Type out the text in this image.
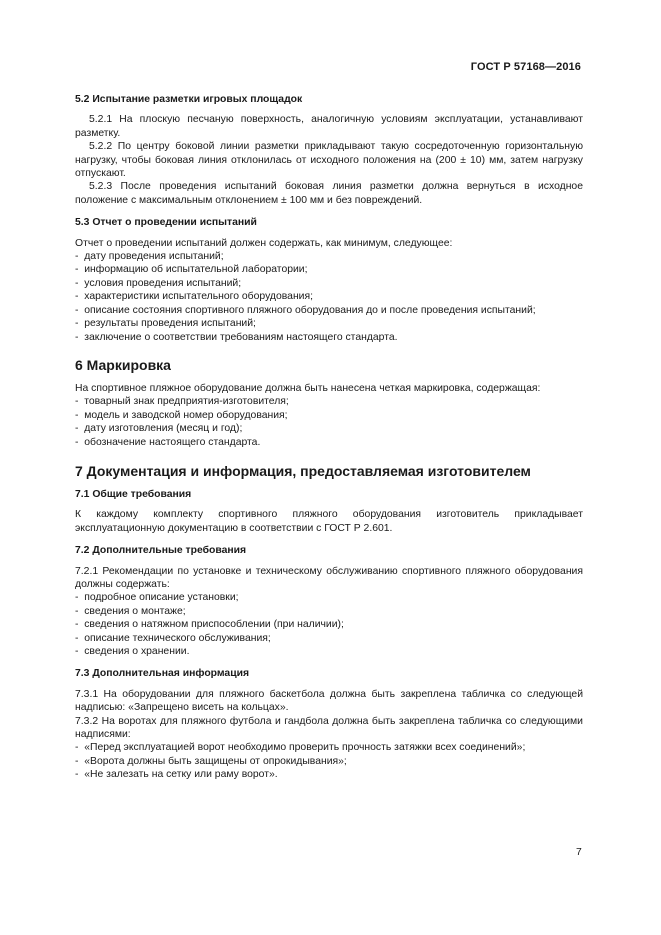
ГОСТ Р 57168—2016
5.2 Испытание разметки игровых площадок

5.2.1 На плоскую песчаную поверхность, аналогичную условиям эксплуатации, устанавливают разметку.

5.2.2 По центру боковой линии разметки прикладывают такую сосредоточенную горизонтальную нагрузку, чтобы боковая линия отклонилась от исходного положения на (200 ± 10) мм, затем нагрузку отпускают.

5.2.3 После проведения испытаний боковая линия разметки должна вернуться в исходное положение с максимальным отклонением ± 100 мм и без повреждений.

5.3 Отчет о проведении испытаний

Отчет о проведении испытаний должен содержать, как минимум, следующее:

-  дату проведения испытаний;
-  информацию об испытательной лаборатории;
-  условия проведения испытаний;
-  характеристики испытательного оборудования;
-  описание состояния спортивного пляжного оборудования до и после проведения испытаний;
-  результаты проведения испытаний;
-  заключение о соответствии требованиям настоящего стандарта.
6 Маркировка

На спортивное пляжное оборудование должна быть нанесена четкая маркировка, содержащая:

-  товарный знак предприятия-изготовителя;
-  модель и заводской номер оборудования;
-  дату изготовления (месяц и год);
-  обозначение настоящего стандарта.
7 Документация и информация, предоставляемая изготовителем
7.1 Общие требования

К каждому комплекту спортивного пляжного оборудования изготовитель прикладывает эксплуатационную документацию в соответствии с ГОСТ Р 2.601.

7.2 Дополнительные требования

7.2.1 Рекомендации по установке и техническому обслуживанию спортивного пляжного оборудования должны содержать:

-  подробное описание установки;
-  сведения о монтаже;
-  сведения о натяжном приспособлении (при наличии);
-  описание технического обслуживания;
-  сведения о хранении.
7.3 Дополнительная информация

7.3.1 На оборудовании для пляжного баскетбола должна быть закреплена табличка со следующей надписью: «Запрещено висеть на кольцах».

7.3.2 На воротах для пляжного футбола и гандбола должна быть закреплена табличка со следующими надписями:

-  «Перед эксплуатацией ворот необходимо проверить прочность затяжки всех соединений»;
-  «Ворота должны быть защищены от опрокидывания»;
-  «Не залезать на сетку или раму ворот».
7
